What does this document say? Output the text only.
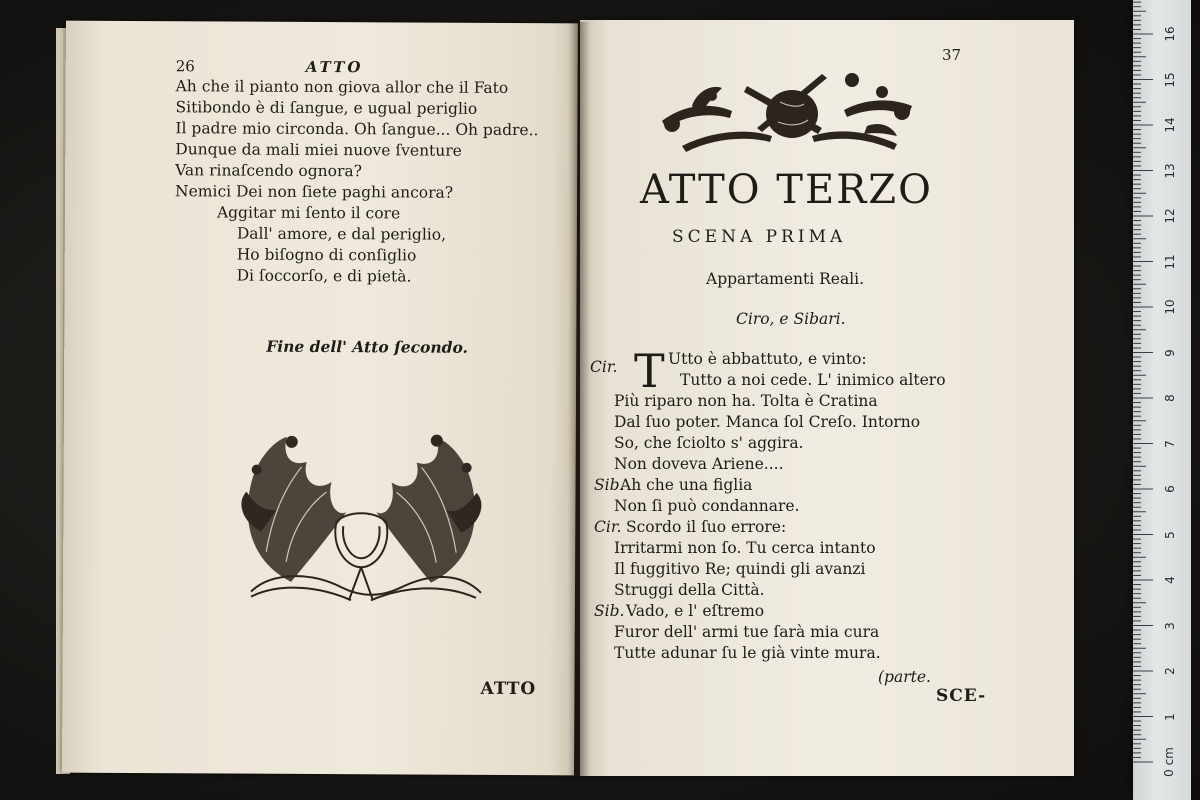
26	ATTO
Ah che il pianto non giova allor che il Fato
Sitibondo è di ſangue, e ugual periglio
Il padre mio circonda. Oh ſangue... Oh padre..
Dunque da mali miei nuove ſventure
Van rinaſcendo ognora?
Nemici Dei non ſiete paghi ancora?
Aggitar mi ſento il core
Dall' amore, e dal periglio,
Ho biſogno di conſiglio
Di ſoccorſo, e di pietà.
Fine dell' Atto ſecondo.
ATTO
37
ATTO TERZO
SCENA PRIMA
Appartamenti Reali.
Ciro, e Sibari.
Cir. T Utto è abbattuto, e vinto:
Tutto a noi cede. L' inimico altero
Più riparo non ha. Tolta è Cratina
Dal ſuo poter. Manca ſol Creſo. Intorno
So, che ſciolto s' aggira.
Non doveva Ariene....
Sib.
Ah che una figlia
Non ſi può condannare.
Cir. Scordo il ſuo errore:
Irritarmi non ſo. Tu cerca intanto
Il fuggitivo Re; quindi gli avanzi
Struggi della Città.
Sib. Vado, e l' eſtremo
Furor dell' armi tue ſarà mia cura
Tutte adunar ſu le già vinte mura.
(parte.
SCE-
0 cm
1
2
3
4
5
6
7
8
9
10
11
12
13
14
15
16
